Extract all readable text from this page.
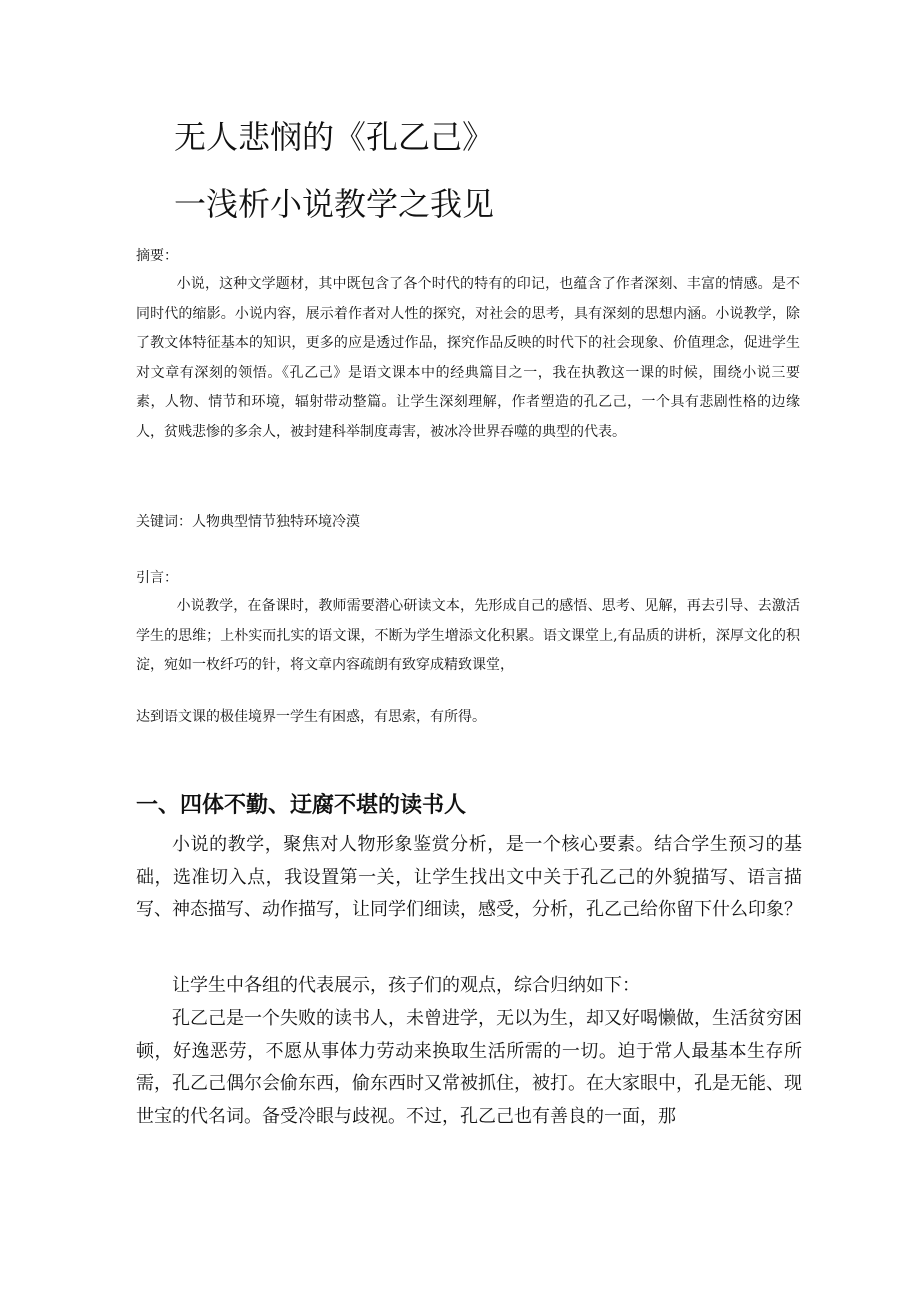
无人悲悯的《孔乙己》
一浅析小说教学之我见

摘要：

小说，这种文学题材，其中既包含了各个时代的特有的印记，也蕴含了作者深刻、丰富的情感。是不同时代的缩影。小说内容，展示着作者对人性的探究，对社会的思考，具有深刻的思想内涵。小说教学，除了教文体特征基本的知识，更多的应是透过作品，探究作品反映的时代下的社会现象、价值理念，促进学生对文章有深刻的领悟。《孔乙己》是语文课本中的经典篇目之一，我在执教这一课的时候，围绕小说三要素，人物、情节和环境，辐射带动整篇。让学生深刻理解，作者塑造的孔乙己，一个具有悲剧性格的边缘人，贫贱悲惨的多余人，被封建科举制度毒害，被冰冷世界吞噬的典型的代表。

关键词：人物典型情节独特环境冷漠

引言：

小说教学，在备课时，教师需要潜心研读文本，先形成自己的感悟、思考、见解，再去引导、去激活学生的思维；上朴实而扎实的语文课，不断为学生增添文化积累。语文课堂上,有品质的讲析，深厚文化的积淀，宛如一枚纤巧的针，将文章内容疏朗有致穿成精致课堂，

达到语文课的极佳境界一学生有困惑，有思索，有所得。

一、四体不勤、迂腐不堪的读书人

小说的教学，聚焦对人物形象鉴赏分析，是一个核心要素。结合学生预习的基础，选准切入点，我设置第一关，让学生找出文中关于孔乙己的外貌描写、语言描写、神态描写、动作描写，让同学们细读，感受，分析，孔乙己给你留下什么印象？

让学生中各组的代表展示，孩子们的观点，综合归纳如下：

孔乙己是一个失败的读书人，未曾进学，无以为生，却又好喝懒做，生活贫穷困顿，好逸恶劳，不愿从事体力劳动来换取生活所需的一切。迫于常人最基本生存所需，孔乙己偶尔会偷东西，偷东西时又常被抓住，被打。在大家眼中，孔是无能、现世宝的代名词。备受冷眼与歧视。不过，孔乙己也有善良的一面，那
